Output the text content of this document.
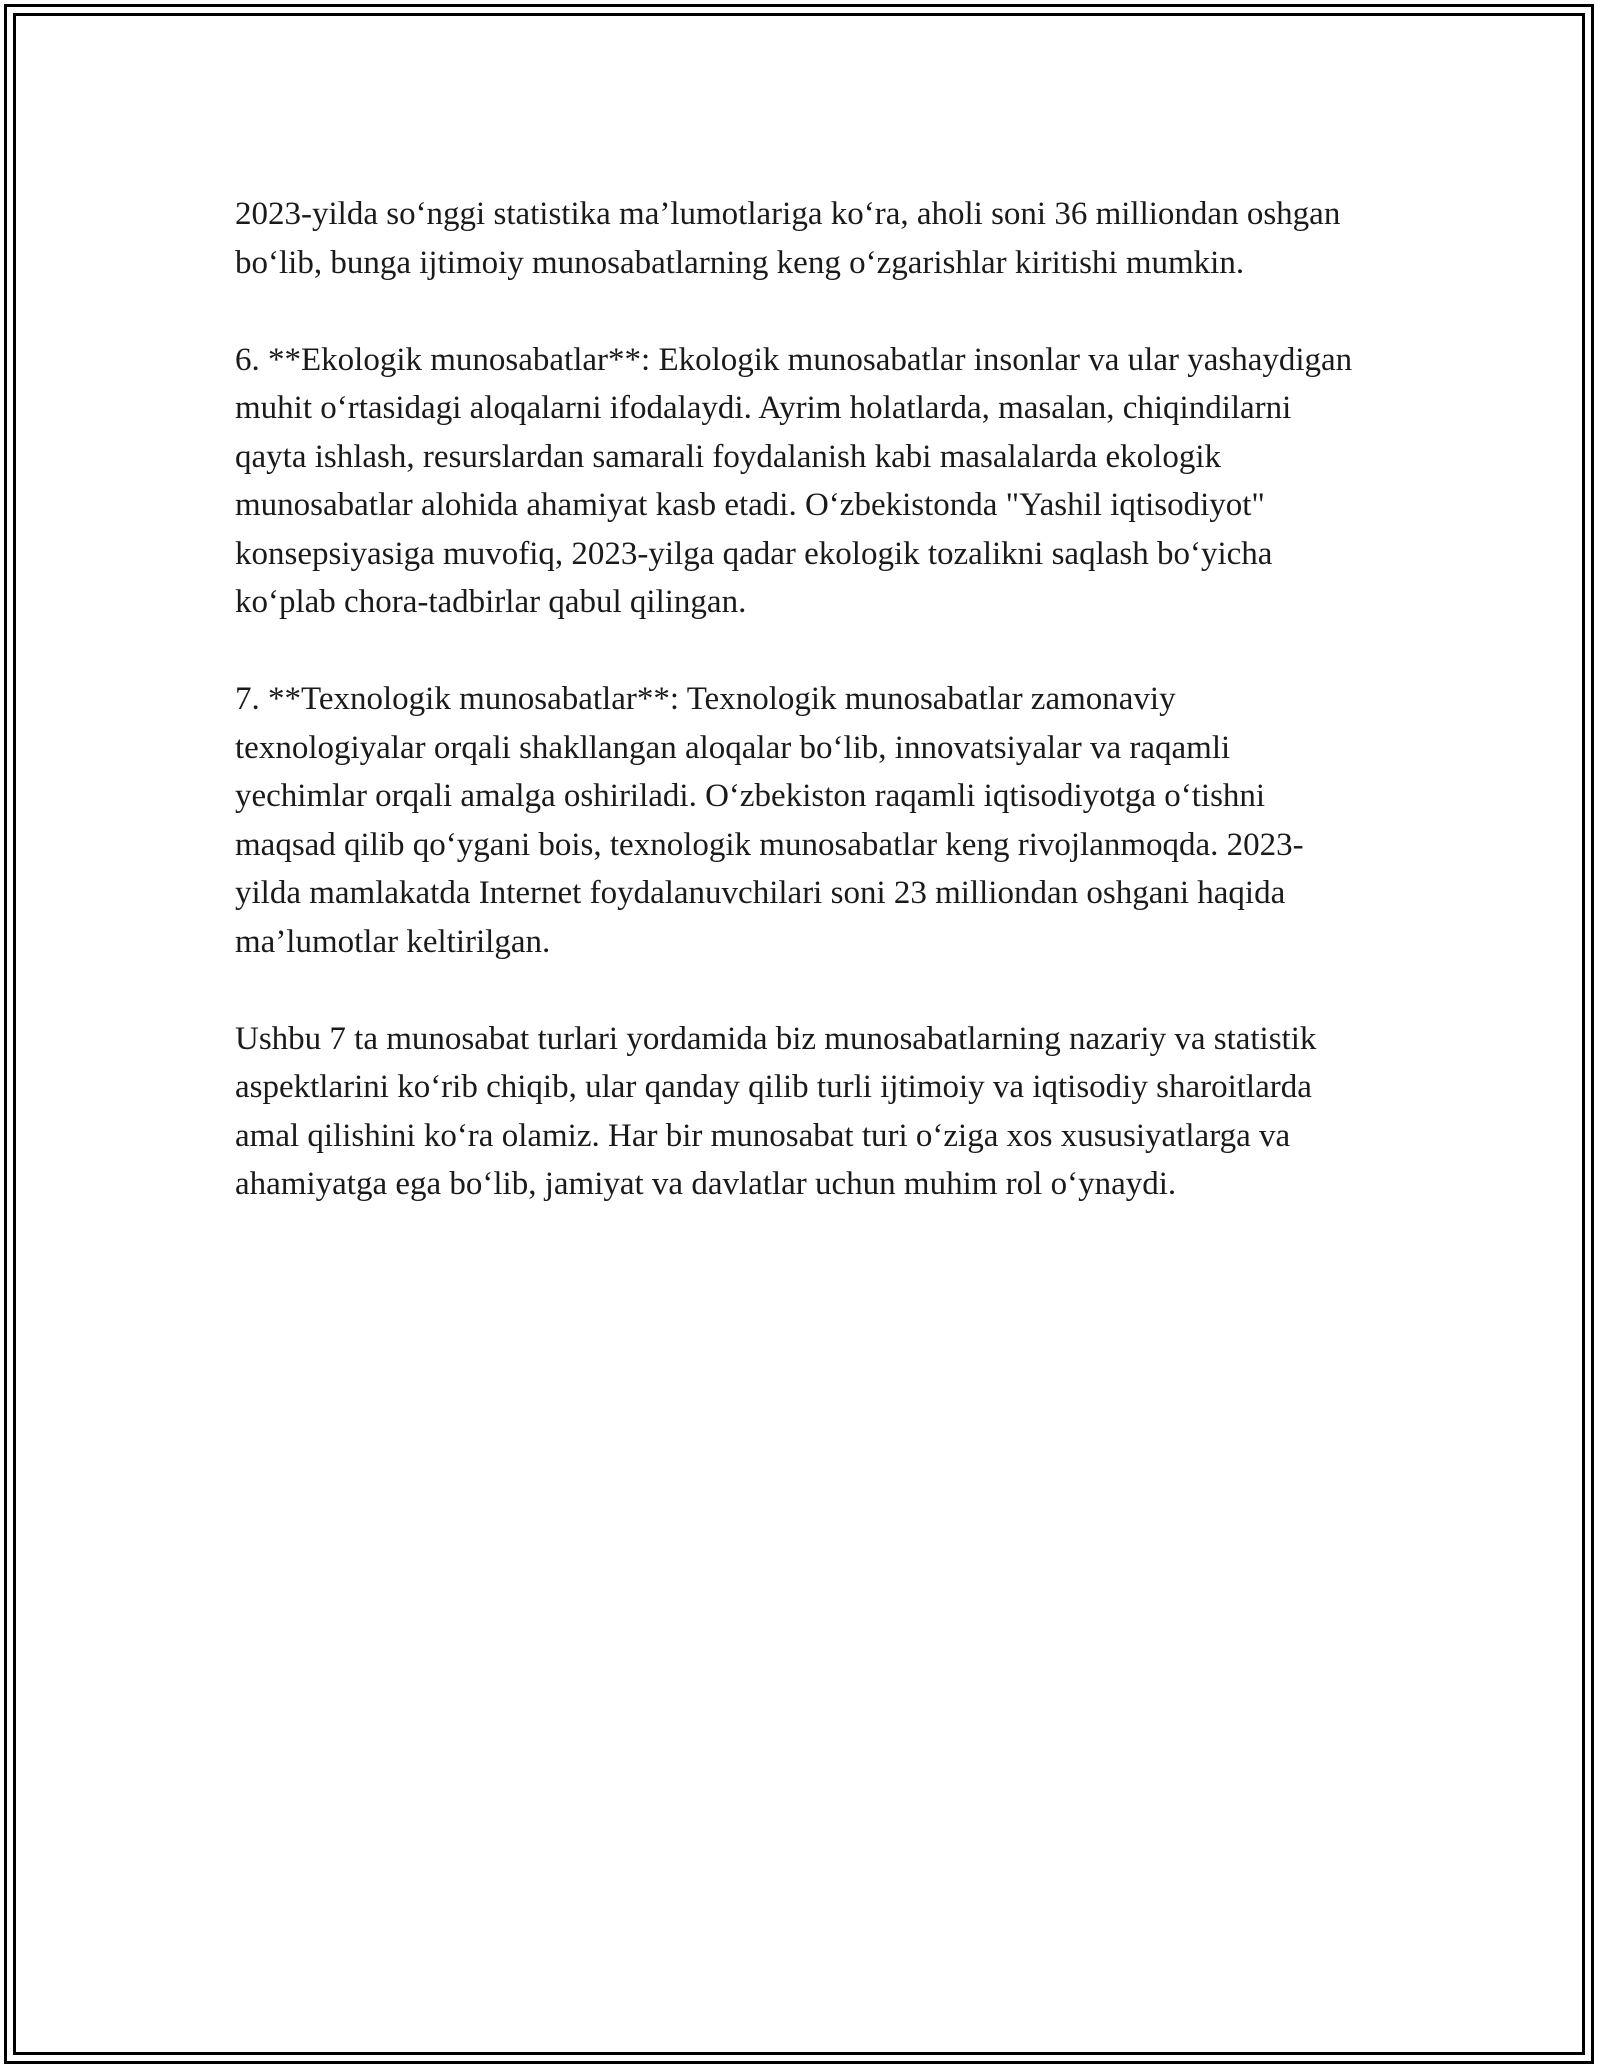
2023-yilda so‘nggi statistika ma’lumotlariga ko‘ra, aholi soni 36 milliondan oshgan bo‘lib, bunga ijtimoiy munosabatlarning keng o‘zgarishlar kiritishi mumkin.

6. **Ekologik munosabatlar**: Ekologik munosabatlar insonlar va ular yashaydigan muhit o‘rtasidagi aloqalarni ifodalaydi. Ayrim holatlarda, masalan, chiqindilarni qayta ishlash, resurslardan samarali foydalanish kabi masalalarda ekologik munosabatlar alohida ahamiyat kasb etadi. O‘zbekistonda "Yashil iqtisodiyot" konsepsiyasiga muvofiq, 2023-yilga qadar ekologik tozalikni saqlash bo‘yicha ko‘plab chora-tadbirlar qabul qilingan.

7. **Texnologik munosabatlar**: Texnologik munosabatlar zamonaviy texnologiyalar orqali shakllangan aloqalar bo‘lib, innovatsiyalar va raqamli yechimlar orqali amalga oshiriladi. O‘zbekiston raqamli iqtisodiyotga o‘tishni maqsad qilib qo‘ygani bois, texnologik munosabatlar keng rivojlanmoqda. 2023-yilda mamlakatda Internet foydalanuvchilari soni 23 milliondan oshgani haqida ma’lumotlar keltirilgan.

Ushbu 7 ta munosabat turlari yordamida biz munosabatlarning nazariy va statistik aspektlarini ko‘rib chiqib, ular qanday qilib turli ijtimoiy va iqtisodiy sharoitlarda amal qilishini ko‘ra olamiz. Har bir munosabat turi o‘ziga xos xususiyatlarga va ahamiyatga ega bo‘lib, jamiyat va davlatlar uchun muhim rol o‘ynaydi.
